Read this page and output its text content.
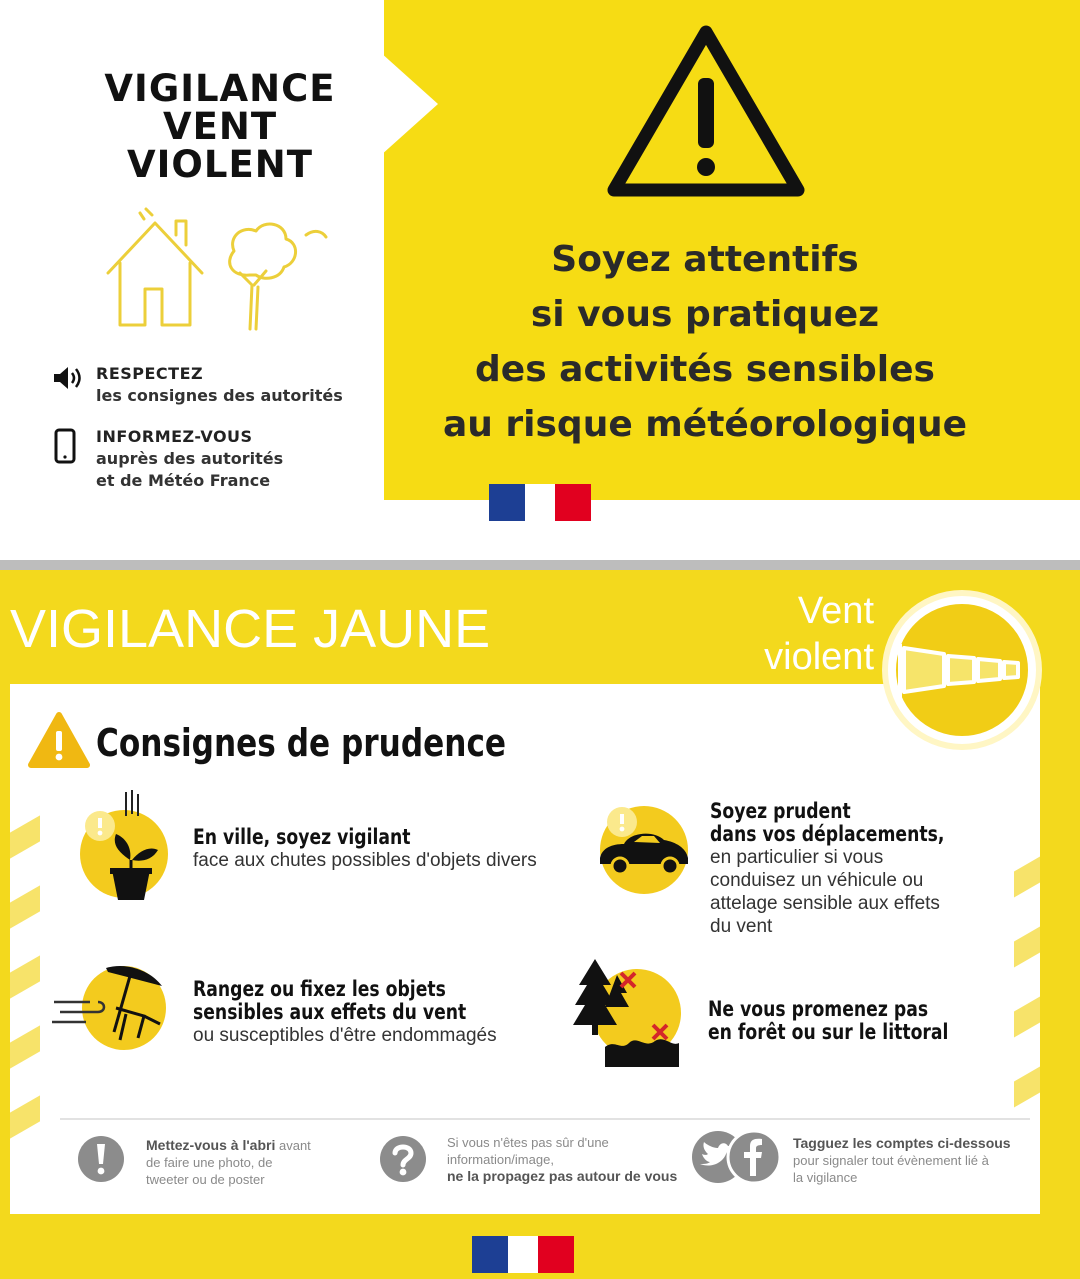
VIGILANCE
VENT
VIOLENT
RESPECTEZ
les consignes des autorités
INFORMEZ-VOUS
auprès des autorités
et de Météo France
Soyez attentifs
si vous pratiquez
des activités sensibles
au risque météorologique
VIGILANCE JAUNE	Vent
violent
Consignes de prudence
En ville, soyez vigilant
face aux chutes possibles d'objets divers
Soyez prudent
dans vos déplacements,
en particulier si vous
conduisez un véhicule ou
attelage sensible aux effets
du vent
Rangez ou fixez les objets
sensibles aux effets du vent
ou susceptibles d'être endommagés
Ne vous promenez pas
en forêt ou sur le littoral
Mettez-vous à l'abri avant
de faire une photo, de
tweeter ou de poster
Si vous n'êtes pas sûr d'une
information/image,
ne la propagez pas autour de vous
Tagguez les comptes ci-dessous
pour signaler tout évènement lié à
la vigilance
